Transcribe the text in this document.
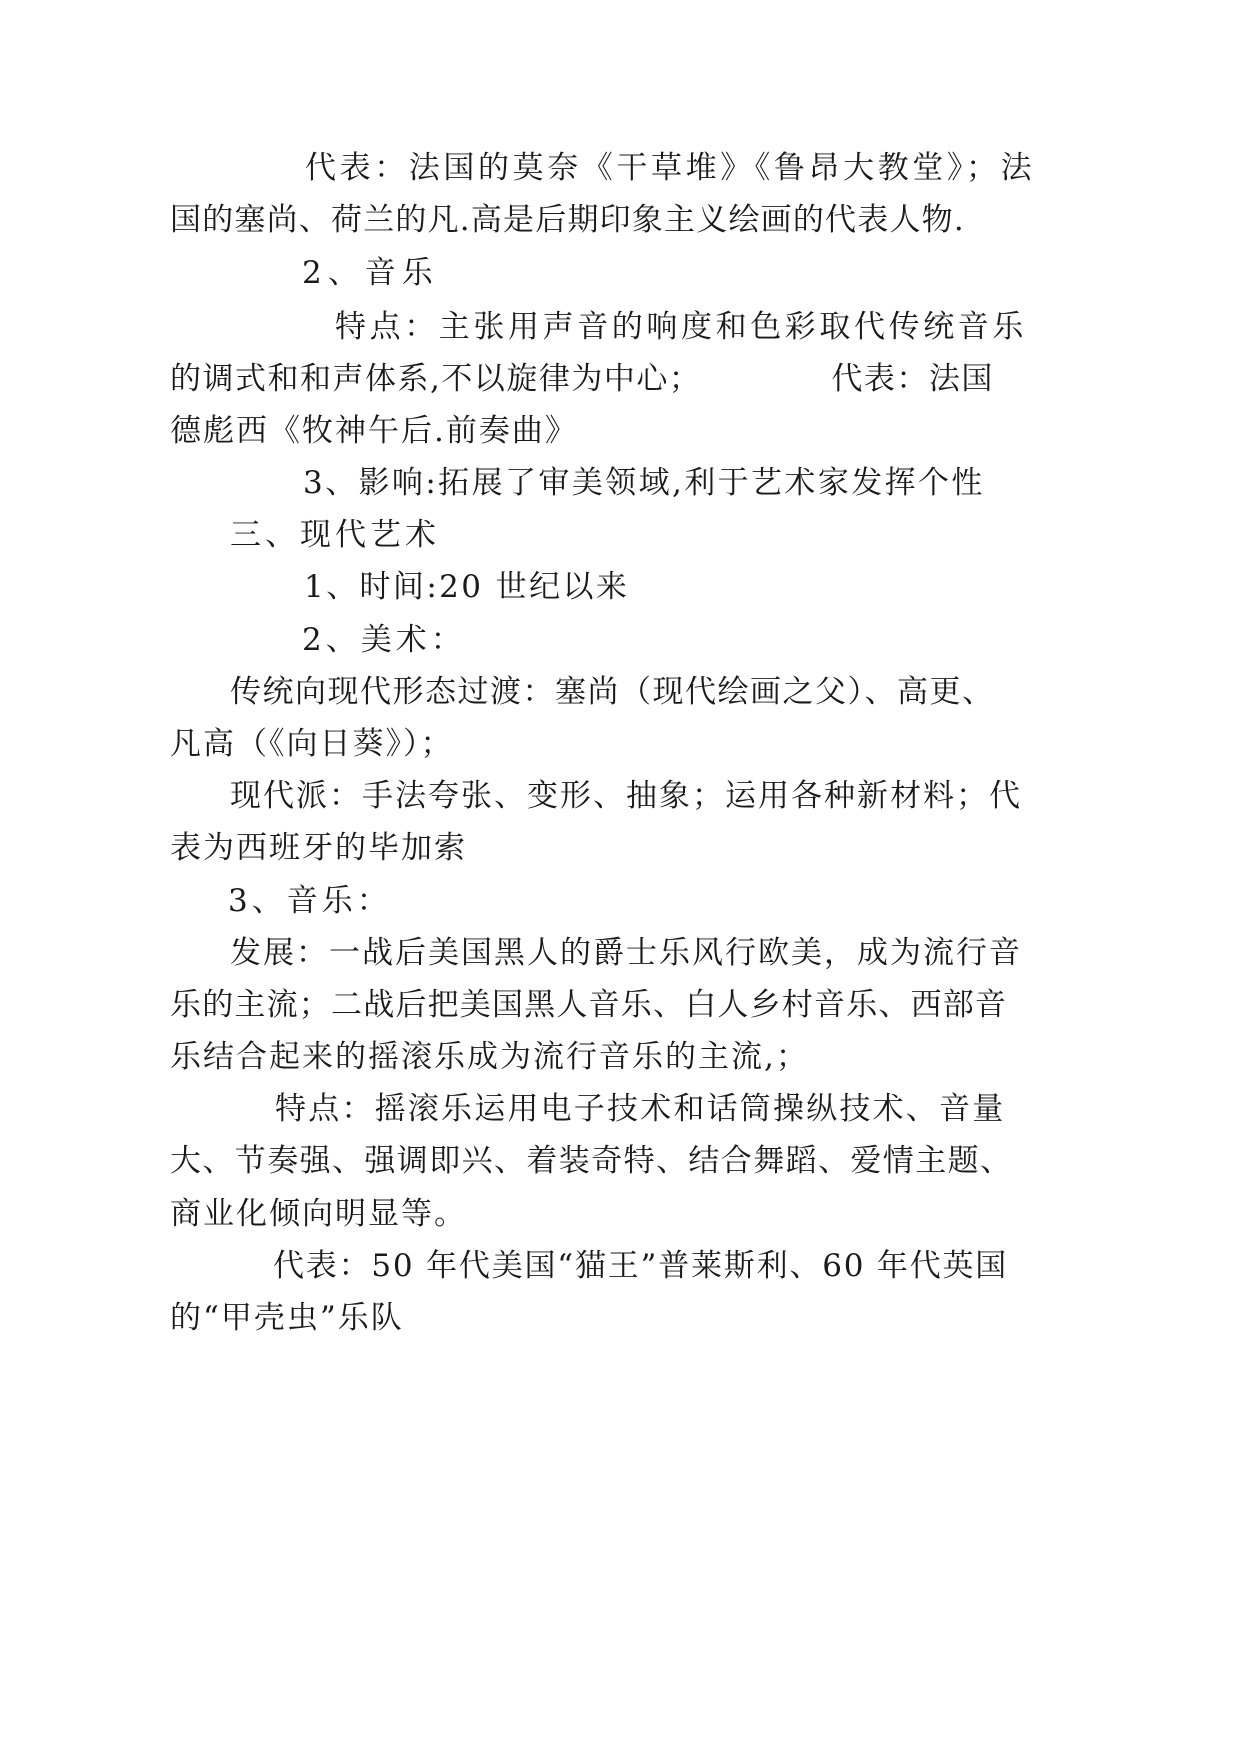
代表：法国的莫奈《干草堆》《鲁昂大教堂》；法
国的塞尚、荷兰的凡.高是后期印象主义绘画的代表人物.
2、音乐
特点：主张用声音的响度和色彩取代传统音乐
的调式和和声体系,不以旋律为中心；	代表：法国
德彪西《牧神午后.前奏曲》
3、影响:拓展了审美领域,利于艺术家发挥个性
三、现代艺术
1、时间:20 世纪以来
2、美术：
传统向现代形态过渡：塞尚（现代绘画之父）、高更、
凡高（《向日葵》）；
现代派：手法夸张、变形、抽象；运用各种新材料；代
表为西班牙的毕加索
3、音乐：
发展：一战后美国黑人的爵士乐风行欧美，成为流行音
乐的主流；二战后把美国黑人音乐、白人乡村音乐、西部音
乐结合起来的摇滚乐成为流行音乐的主流,；
特点：摇滚乐运用电子技术和话筒操纵技术、音量
大、节奏强、强调即兴、着装奇特、结合舞蹈、爱情主题、
商业化倾向明显等。
代表：50 年代美国“猫王”普莱斯利、60 年代英国
的“甲壳虫”乐队
